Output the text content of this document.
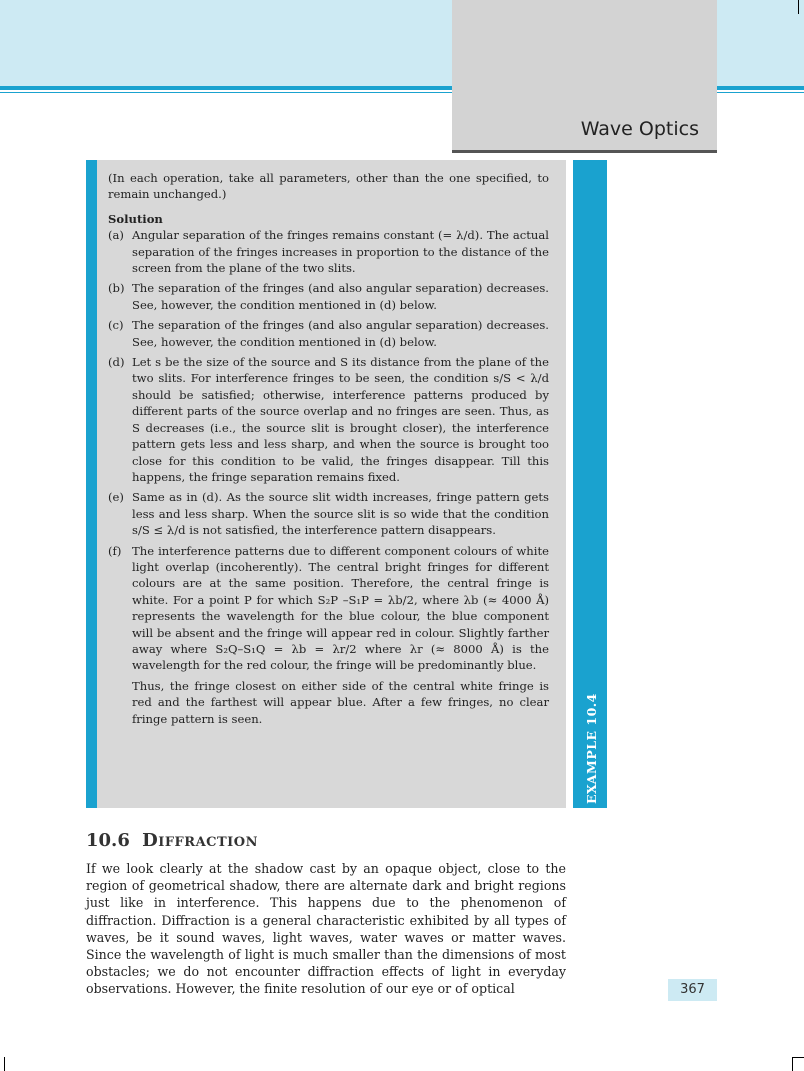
Wave Optics
EXAMPLE 10.4

(In each operation, take all parameters, other than the one specified, to remain unchanged.)

Solution
(a) Angular separation of the fringes remains constant (= λ/d). The actual separation of the fringes increases in proportion to the distance of the screen from the plane of the two slits.
(b) The separation of the fringes (and also angular separation) decreases. See, however, the condition mentioned in (d) below.
(c) The separation of the fringes (and also angular separation) decreases. See, however, the condition mentioned in (d) below.
(d) Let s be the size of the source and S its distance from the plane of the two slits. For interference fringes to be seen, the condition s/S < λ/d should be satisfied; otherwise, interference patterns produced by different parts of the source overlap and no fringes are seen. Thus, as S decreases (i.e., the source slit is brought closer), the interference pattern gets less and less sharp, and when the source is brought too close for this condition to be valid, the fringes disappear. Till this happens, the fringe separation remains fixed.
(e) Same as in (d). As the source slit width increases, fringe pattern gets less and less sharp. When the source slit is so wide that the condition s/S ≤ λ/d is not satisfied, the interference pattern disappears.
(f) The interference patterns due to different component colours of white light overlap (incoherently). The central bright fringes for different colours are at the same position. Therefore, the central fringe is white. For a point P for which S₂P –S₁P = λb/2, where λb (≈ 4000 Å) represents the wavelength for the blue colour, the blue component will be absent and the fringe will appear red in colour. Slightly farther away where S₂Q–S₁Q = λb = λr/2 where λr (≈ 8000 Å) is the wavelength for the red colour, the fringe will be predominantly blue.
Thus, the fringe closest on either side of the central white fringe is red and the farthest will appear blue. After a few fringes, no clear fringe pattern is seen.
10.6 Diffraction
If we look clearly at the shadow cast by an opaque object, close to the region of geometrical shadow, there are alternate dark and bright regions just like in interference. This happens due to the phenomenon of diffraction. Diffraction is a general characteristic exhibited by all types of waves, be it sound waves, light waves, water waves or matter waves. Since the wavelength of light is much smaller than the dimensions of most obstacles; we do not encounter diffraction effects of light in everyday observations. However, the finite resolution of our eye or of optical	367
